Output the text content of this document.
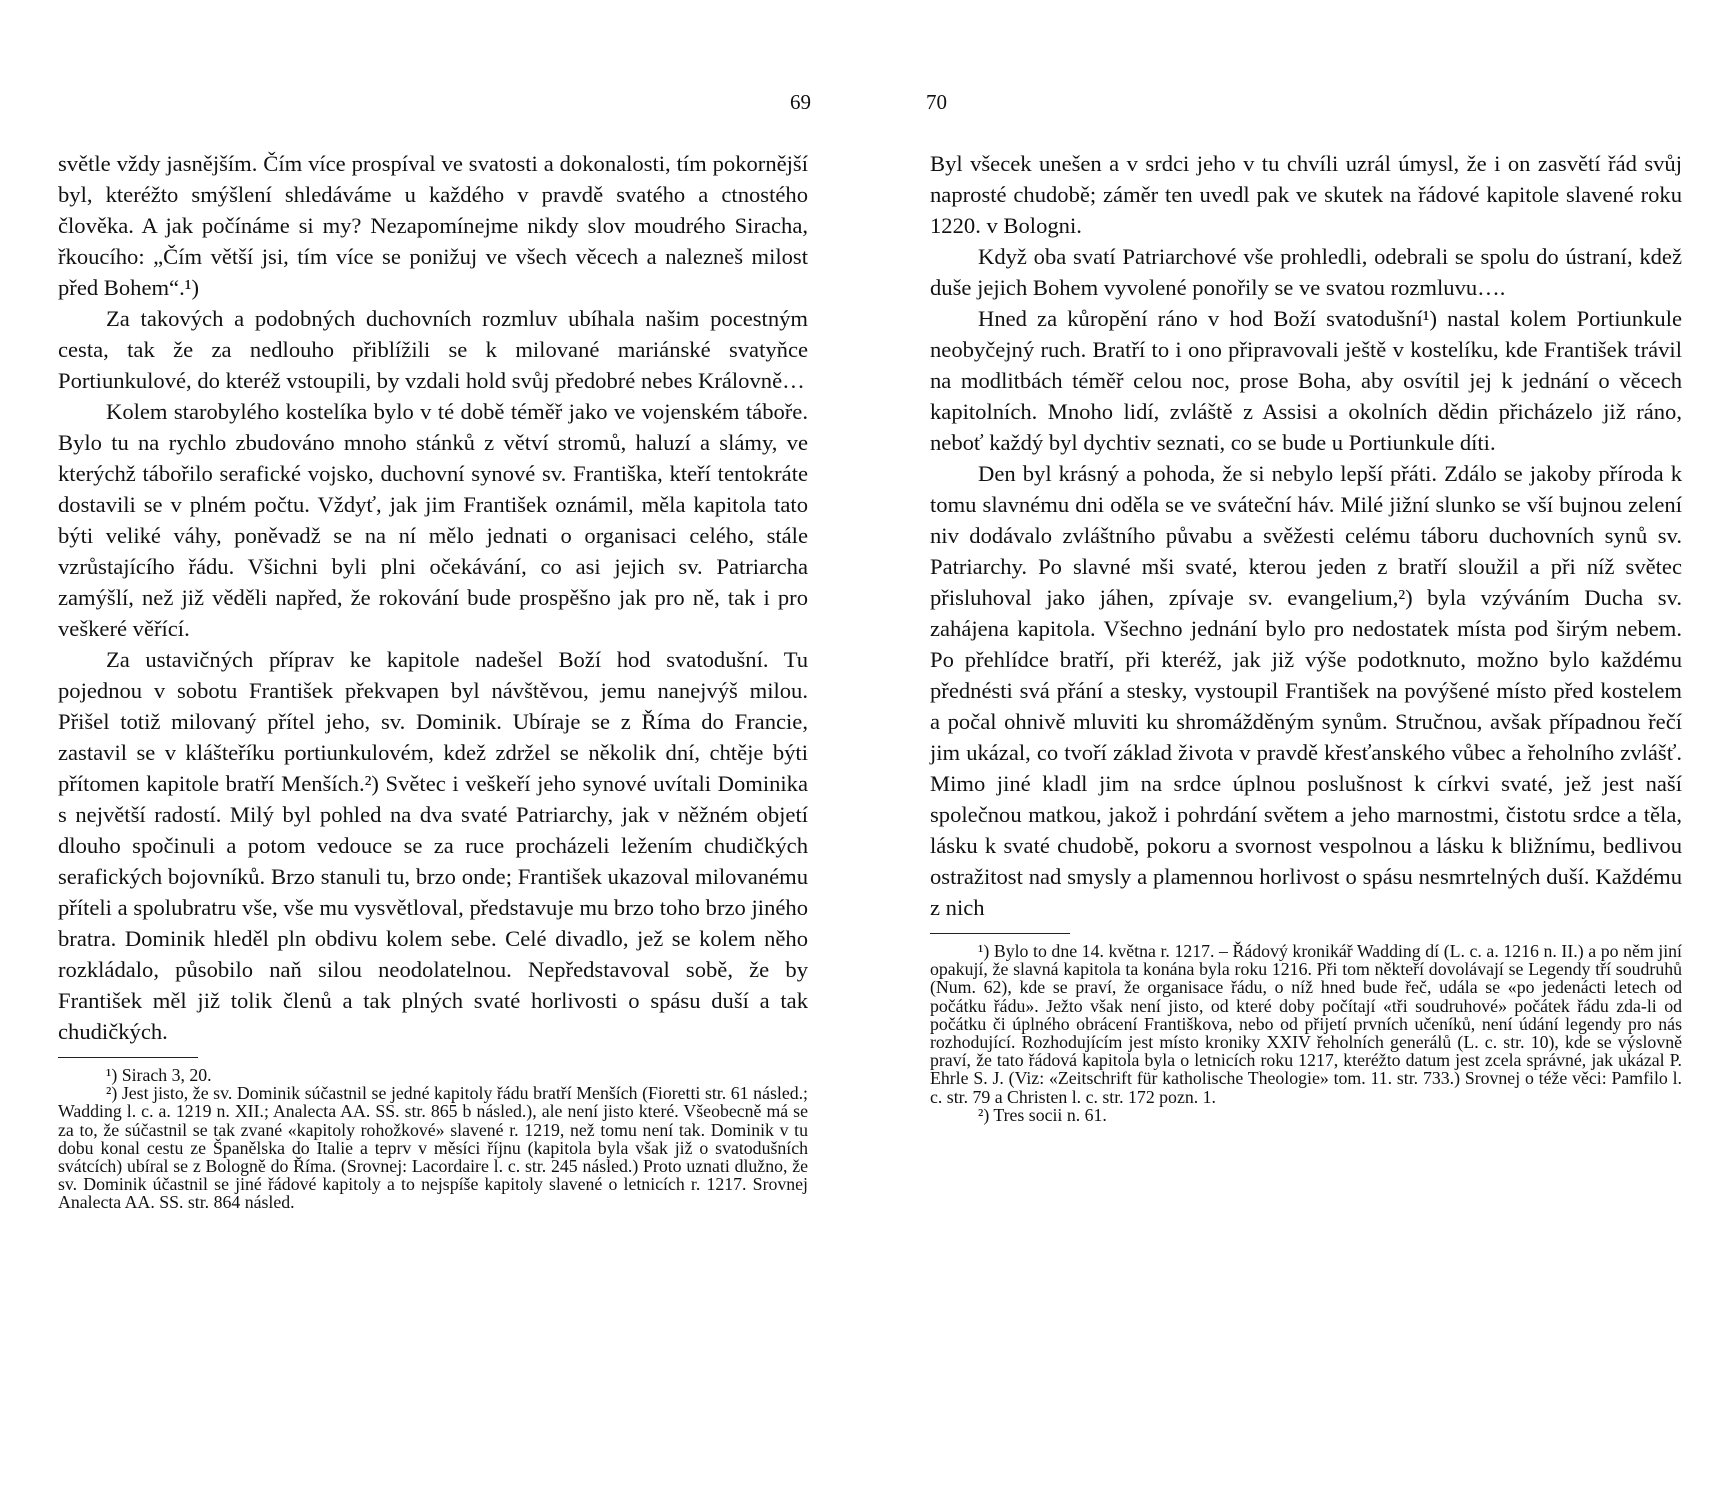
69	70

světle vždy jasnějším. Čím více prospíval ve svatosti a dokonalosti, tím pokornější byl, kteréžto smýšlení shledáváme u každého v pravdě svatého a ctnostého člověka. A jak počínáme si my? Nezapomínejme nikdy slov moudrého Siracha, řkoucího: „Čím větší jsi, tím více se ponižuj ve všech věcech a nalezneš milost před Bohem“.¹)

Za takových a podobných duchovních rozmluv ubíhala našim pocestným cesta, tak že za nedlouho přiblížili se k milované mariánské svatyňce Portiunkulové, do kteréž vstoupili, by vzdali hold svůj předobré nebes Královně…

Kolem starobylého kostelíka bylo v té době téměř jako ve vojenském táboře. Bylo tu na rychlo zbudováno mnoho stánků z větví stromů, haluzí a slámy, ve kterýchž tábořilo serafické vojsko, duchovní synové sv. Františka, kteří tentokráte dostavili se v plném počtu. Vždyť, jak jim František oznámil, měla kapitola tato býti veliké váhy, poněvadž se na ní mělo jednati o organisaci celého, stále vzrůstajícího řádu. Všichni byli plni očekávání, co asi jejich sv. Patriarcha zamýšlí, než již věděli napřed, že rokování bude prospěšno jak pro ně, tak i pro veškeré věřící.

Za ustavičných příprav ke kapitole nadešel Boží hod svatodušní. Tu pojednou v sobotu František překvapen byl návštěvou, jemu nanejvýš milou. Přišel totiž milovaný přítel jeho, sv. Dominik. Ubíraje se z Říma do Francie, zastavil se v klášteříku portiunkulovém, kdež zdržel se několik dní, chtěje býti přítomen kapitole bratří Menších.²) Světec i veškeří jeho synové uvítali Dominika s největší radostí. Milý byl pohled na dva svaté Patriarchy, jak v něžném objetí dlouho spočinuli a potom vedouce se za ruce procházeli ležením chudičkých serafických bojovníků. Brzo stanuli tu, brzo onde; František ukazoval milovanému příteli a spolubratru vše, vše mu vysvětloval, představuje mu brzo toho brzo jiného bratra. Dominik hleděl pln obdivu kolem sebe. Celé divadlo, jež se kolem něho rozkládalo, působilo naň silou neodolatelnou. Nepředstavoval sobě, že by František měl již tolik členů a tak plných svaté horlivosti o spásu duší a tak chudičkých.

¹) Sirach 3, 20.

²) Jest jisto, že sv. Dominik súčastnil se jedné kapitoly řádu bratří Menších (Fioretti str. 61 násled.; Wadding l. c. a. 1219 n. XII.; Analecta AA. SS. str. 865 b násled.), ale není jisto které. Všeobecně má se za to, že súčastnil se tak zvané «kapitoly rohožkové» slavené r. 1219, než tomu není tak. Dominik v tu dobu konal cestu ze Španělska do Italie a teprv v měsíci říjnu (kapitola byla však již o svatodušních svátcích) ubíral se z Bologně do Říma. (Srovnej: Lacordaire l. c. str. 245 násled.) Proto uznati dlužno, že sv. Dominik účastnil se jiné řádové kapitoly a to nejspíše kapitoly slavené o letnicích r. 1217. Srovnej Analecta AA. SS. str. 864 násled.

Byl všecek unešen a v srdci jeho v tu chvíli uzrál úmysl, že i on zasvětí řád svůj naprosté chudobě; záměr ten uvedl pak ve skutek na řádové kapitole slavené roku 1220. v Bologni.

Když oba svatí Patriarchové vše prohledli, odebrali se spolu do ústraní, kdež duše jejich Bohem vyvolené ponořily se ve svatou rozmluvu….

Hned za kůropění ráno v hod Boží svatodušní¹) nastal kolem Portiunkule neobyčejný ruch. Bratří to i ono připravovali ještě v kostelíku, kde František trávil na modlitbách téměř celou noc, prose Boha, aby osvítil jej k jednání o věcech kapitolních. Mnoho lidí, zvláště z Assisi a okolních dědin přicházelo již ráno, neboť každý byl dychtiv seznati, co se bude u Portiunkule díti.

Den byl krásný a pohoda, že si nebylo lepší přáti. Zdálo se jakoby příroda k tomu slavnému dni oděla se ve sváteční háv. Milé jižní slunko se vší bujnou zelení niv dodávalo zvláštního půvabu a svěžesti celému táboru duchovních synů sv. Patriarchy. Po slavné mši svaté, kterou jeden z bratří sloužil a při níž světec přisluhoval jako jáhen, zpívaje sv. evangelium,²) byla vzýváním Ducha sv. zahájena kapitola. Všechno jednání bylo pro nedostatek místa pod širým nebem. Po přehlídce bratří, při kteréž, jak již výše podotknuto, možno bylo každému přednésti svá přání a stesky, vystoupil František na povýšené místo před kostelem a počal ohnivě mluviti ku shromážděným synům. Stručnou, avšak případnou řečí jim ukázal, co tvoří základ života v pravdě křesťanského vůbec a řeholního zvlášť. Mimo jiné kladl jim na srdce úplnou poslušnost k církvi svaté, jež jest naší společnou matkou, jakož i pohrdání světem a jeho marnostmi, čistotu srdce a těla, lásku k svaté chudobě, pokoru a svornost vespolnou a lásku k bližnímu, bedlivou ostražitost nad smysly a plamennou horlivost o spásu nesmrtelných duší. Každému z nich

¹) Bylo to dne 14. května r. 1217. – Řádový kronikář Wadding dí (L. c. a. 1216 n. II.) a po něm jiní opakují, že slavná kapitola ta konána byla roku 1216. Při tom někteří dovolávají se Legendy tří soudruhů (Num. 62), kde se praví, že organisace řádu, o níž hned bude řeč, udála se «po jedenácti letech od počátku řádu». Ježto však není jisto, od které doby počítají «tři soudruhové» počátek řádu zda-li od počátku či úplného obrácení Františkova, nebo od přijetí prvních učeníků, není údání legendy pro nás rozhodující. Rozhodujícím jest místo kroniky XXIV řeholních generálů (L. c. str. 10), kde se výslovně praví, že tato řádová kapitola byla o letnicích roku 1217, kteréžto datum jest zcela správné, jak ukázal P. Ehrle S. J. (Viz: «Zeitschrift für katholische Theologie» tom. 11. str. 733.) Srovnej o téže věci: Pamfilo l. c. str. 79 a Christen l. c. str. 172 pozn. 1.

²) Tres socii n. 61.
